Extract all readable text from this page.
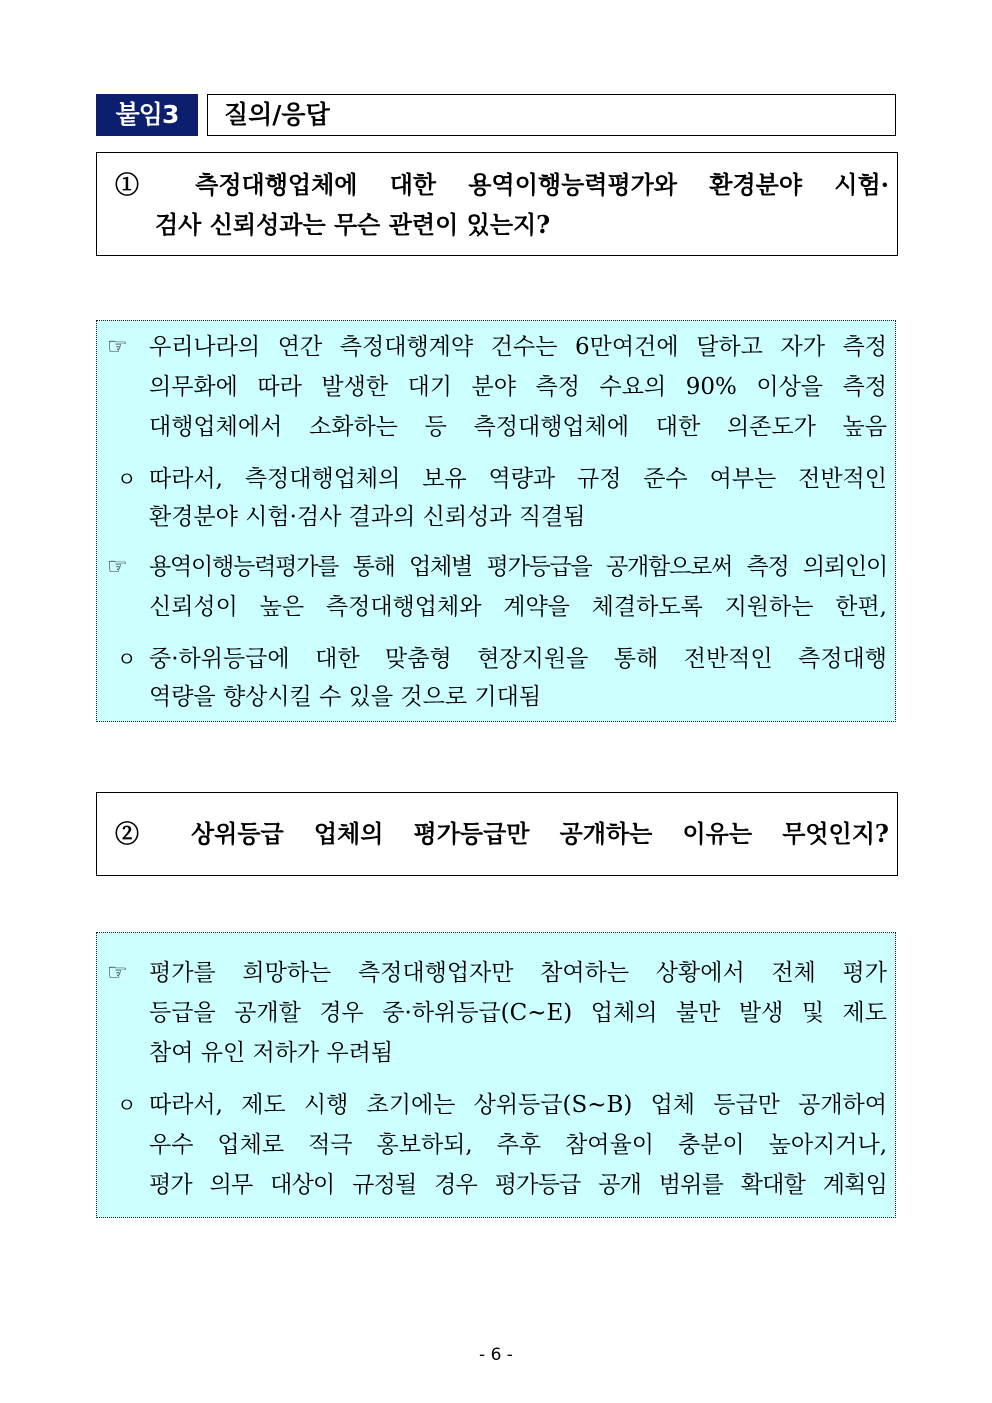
붙임3	질의/응답
① 측정대행업체에 대한 용역이행능력평가와 환경분야 시험·
검사 신뢰성과는 무슨 관련이 있는지?
☞ 우리나라의 연간 측정대행계약 건수는 6만여건에 달하고 자가 측정
의무화에 따라 발생한 대기 분야 측정 수요의 90% 이상을 측정
대행업체에서 소화하는 등 측정대행업체에 대한 의존도가 높음
ㅇ 따라서, 측정대행업체의 보유 역량과 규정 준수 여부는 전반적인
환경분야 시험·검사 결과의 신뢰성과 직결됨
☞ 용역이행능력평가를 통해 업체별 평가등급을 공개함으로써 측정 의뢰인이
신뢰성이 높은 측정대행업체와 계약을 체결하도록 지원하는 한편,
ㅇ 중·하위등급에 대한 맞춤형 현장지원을 통해 전반적인 측정대행
역량을 향상시킬 수 있을 것으로 기대됨
② 상위등급 업체의 평가등급만 공개하는 이유는 무엇인지?
☞ 평가를 희망하는 측정대행업자만 참여하는 상황에서 전체 평가
등급을 공개할 경우 중·하위등급(C~E) 업체의 불만 발생 및 제도
참여 유인 저하가 우려됨
ㅇ 따라서, 제도 시행 초기에는 상위등급(S~B) 업체 등급만 공개하여
우수 업체로 적극 홍보하되, 추후 참여율이 충분이 높아지거나,
평가 의무 대상이 규정될 경우 평가등급 공개 범위를 확대할 계획임
- 6 -
